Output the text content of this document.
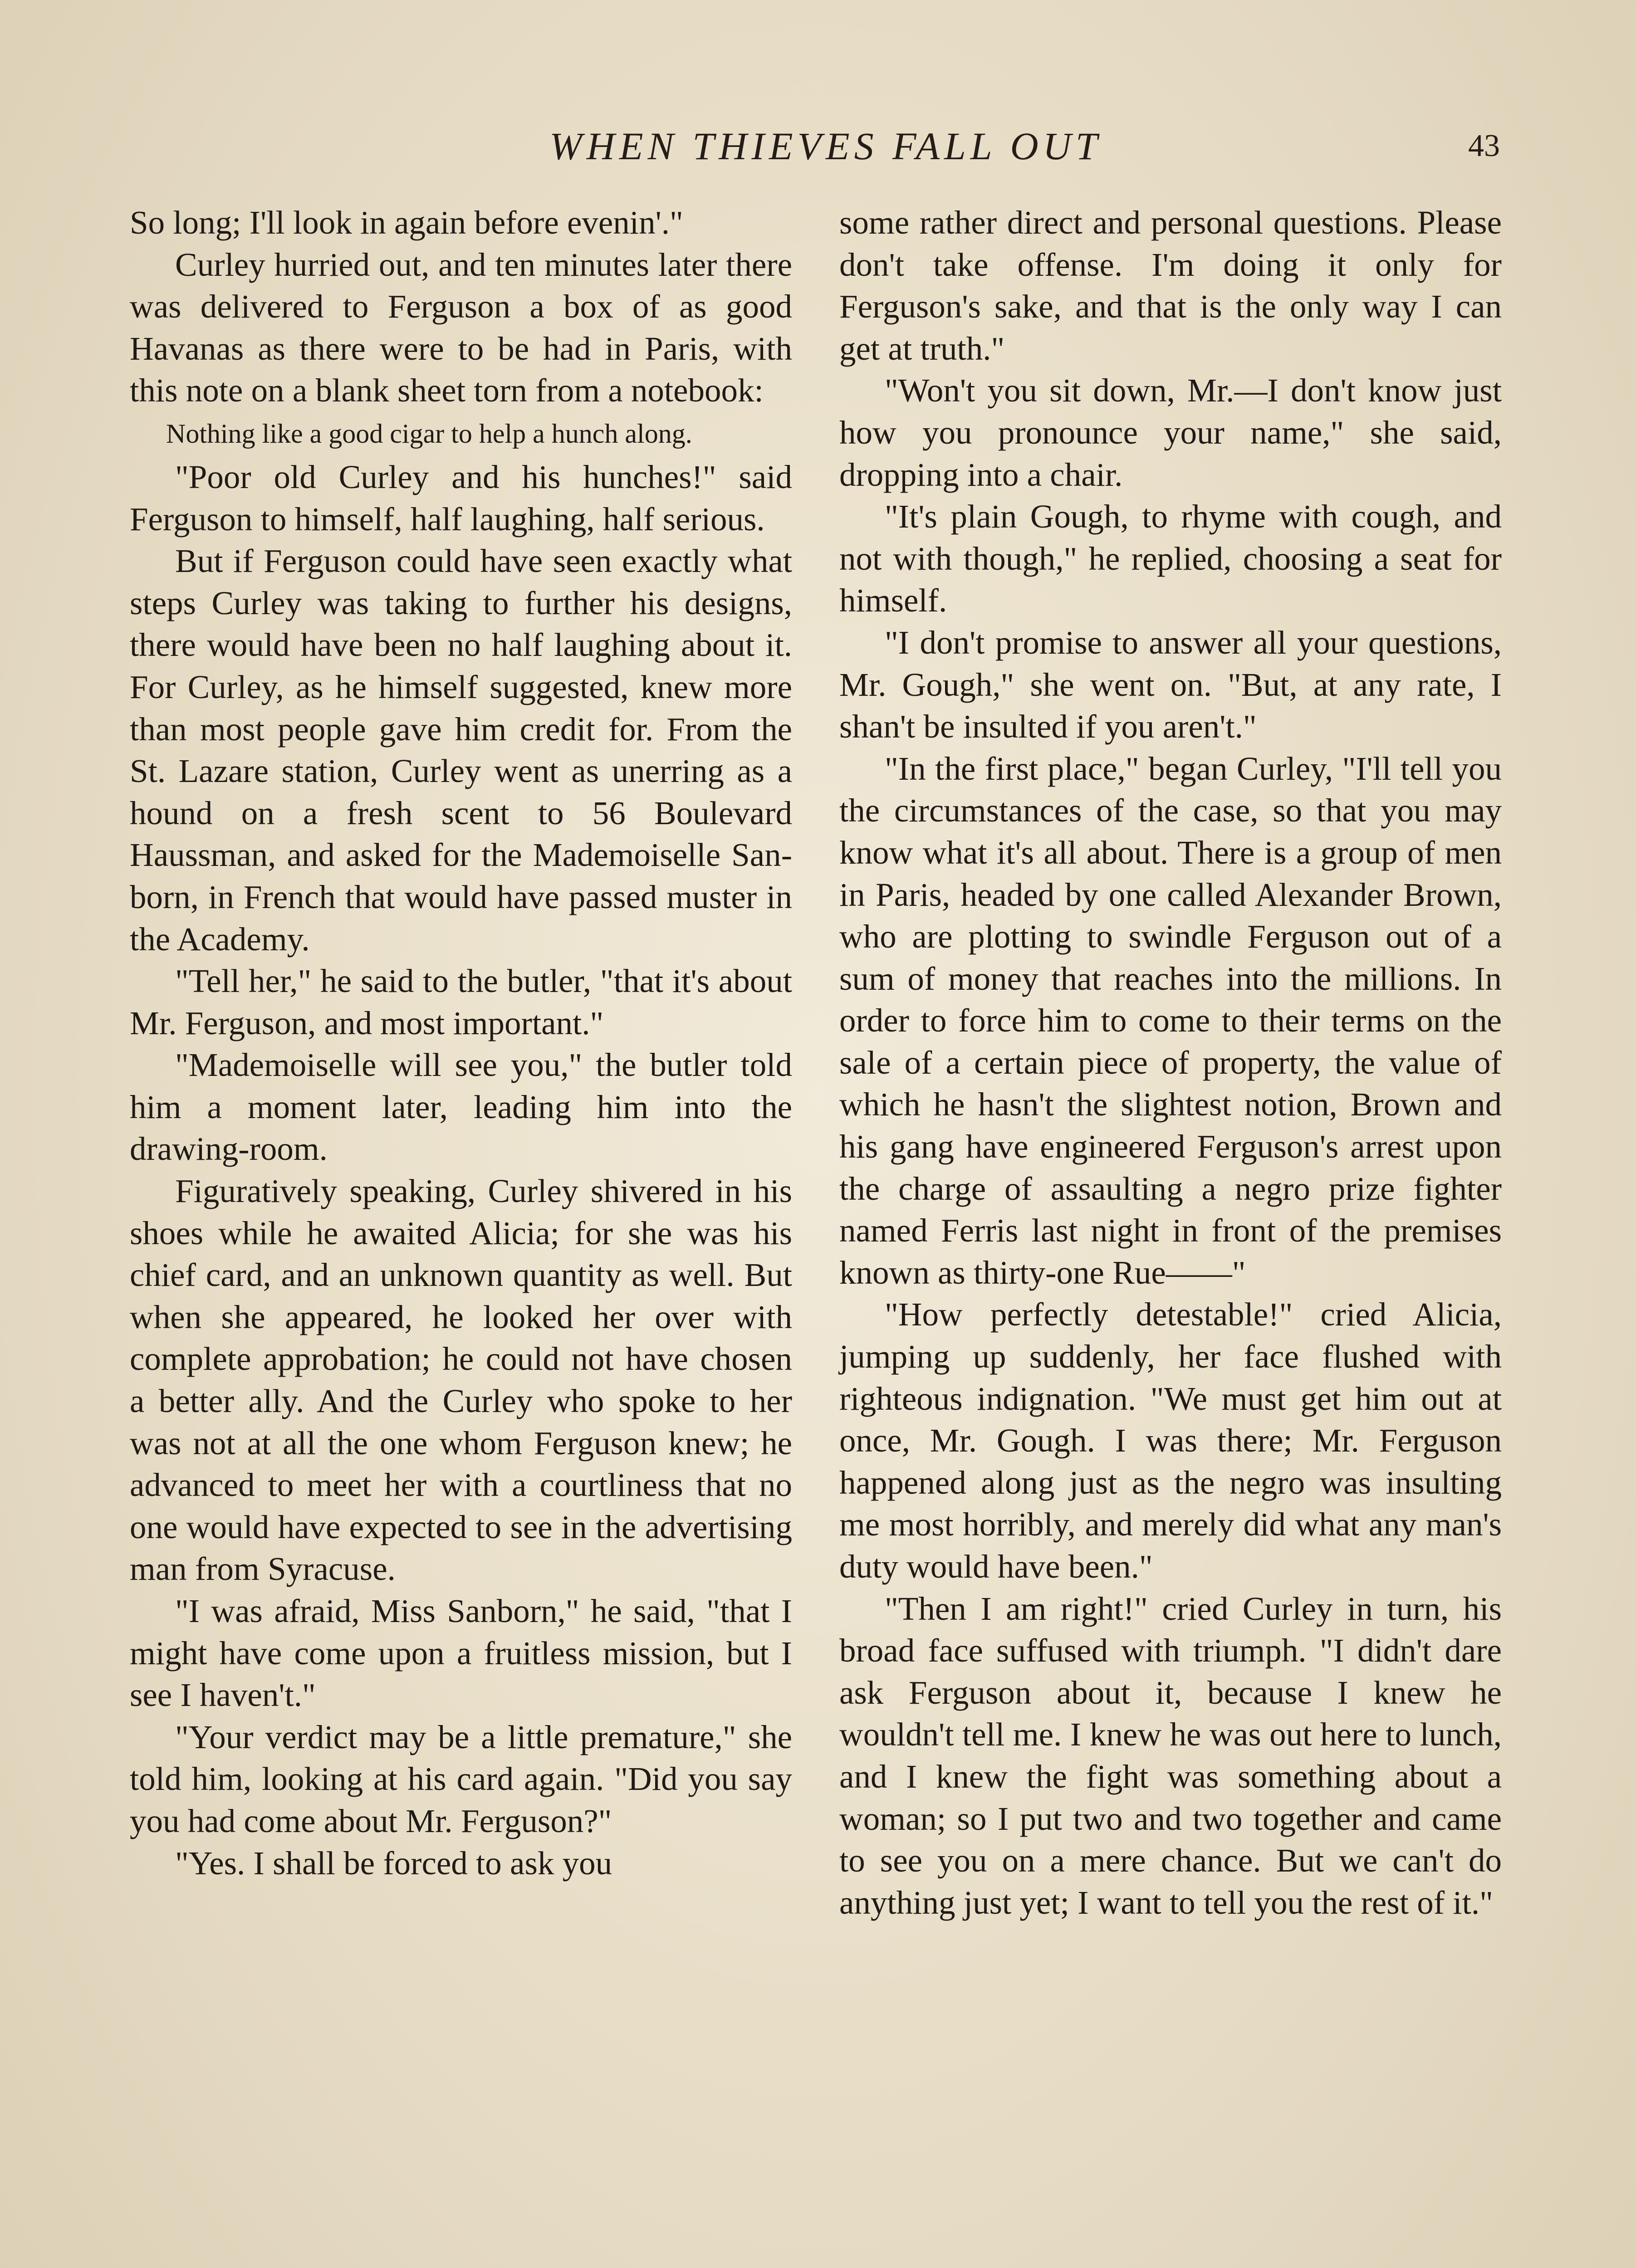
WHEN THIEVES FALL OUT	43

So long; I'll look in again before evenin'."

Curley hurried out, and ten minutes later there was delivered to Ferguson a box of as good Havanas as there were to be had in Paris, with this note on a blank sheet torn from a notebook:

Nothing like a good cigar to help a hunch along.

"Poor old Curley and his hunches!" said Ferguson to himself, half laughing, half serious.

But if Ferguson could have seen exactly what steps Curley was taking to further his designs, there would have been no half laughing about it. For Curley, as he himself suggested, knew more than most people gave him credit for. From the St. Lazare station, Curley went as unerring as a hound on a fresh scent to 56 Boulevard Haussman, and asked for the Mademoiselle Sanborn, in French that would have passed muster in the Academy.

"Tell her," he said to the butler, "that it's about Mr. Ferguson, and most important."

"Mademoiselle will see you," the butler told him a moment later, leading him into the drawing-room.

Figuratively speaking, Curley shivered in his shoes while he awaited Alicia; for she was his chief card, and an unknown quantity as well. But when she appeared, he looked her over with complete approbation; he could not have chosen a better ally. And the Curley who spoke to her was not at all the one whom Ferguson knew; he advanced to meet her with a courtliness that no one would have expected to see in the advertising man from Syracuse.

"I was afraid, Miss Sanborn," he said, "that I might have come upon a fruitless mission, but I see I haven't."

"Your verdict may be a little premature," she told him, looking at his card again. "Did you say you had come about Mr. Ferguson?"

"Yes. I shall be forced to ask you

some rather direct and personal questions. Please don't take offense. I'm doing it only for Ferguson's sake, and that is the only way I can get at truth."

"Won't you sit down, Mr.—I don't know just how you pronounce your name," she said, dropping into a chair.

"It's plain Gough, to rhyme with cough, and not with though," he replied, choosing a seat for himself.

"I don't promise to answer all your questions, Mr. Gough," she went on. "But, at any rate, I shan't be insulted if you aren't."

"In the first place," began Curley, "I'll tell you the circumstances of the case, so that you may know what it's all about. There is a group of men in Paris, headed by one called Alexander Brown, who are plotting to swindle Ferguson out of a sum of money that reaches into the millions. In order to force him to come to their terms on the sale of a certain piece of property, the value of which he hasn't the slightest notion, Brown and his gang have engineered Ferguson's arrest upon the charge of assaulting a negro prize fighter named Ferris last night in front of the premises known as thirty-one Rue——"

"How perfectly detestable!" cried Alicia, jumping up suddenly, her face flushed with righteous indignation. "We must get him out at once, Mr. Gough. I was there; Mr. Ferguson happened along just as the negro was insulting me most horribly, and merely did what any man's duty would have been."

"Then I am right!" cried Curley in turn, his broad face suffused with triumph. "I didn't dare ask Ferguson about it, because I knew he wouldn't tell me. I knew he was out here to lunch, and I knew the fight was something about a woman; so I put two and two together and came to see you on a mere chance. But we can't do anything just yet; I want to tell you the rest of it."
